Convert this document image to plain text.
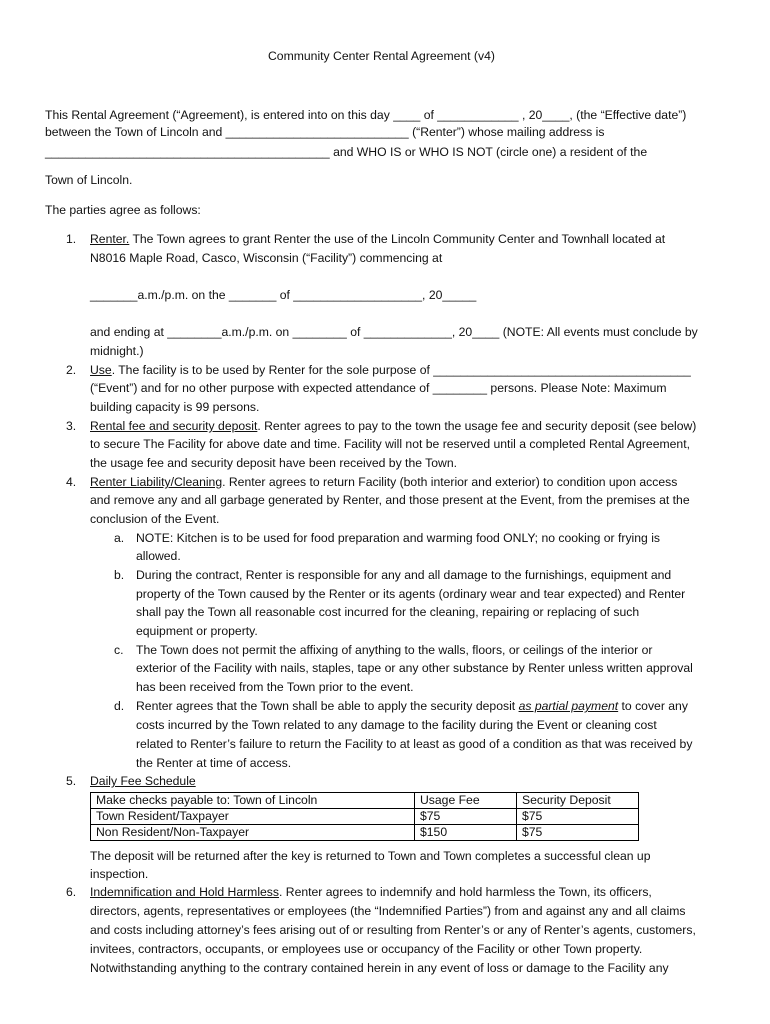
Community Center Rental Agreement (v4)
This Rental Agreement (“Agreement), is entered into on this day ____ of ____________ , 20____, (the “Effective date”)
between the Town of Lincoln and ___________________________ (“Renter”) whose mailing address is
__________________________________________ and WHO IS or WHO IS NOT (circle one) a resident of the
Town of Lincoln.
The parties agree as follows:
1. Renter. The Town agrees to grant Renter the use of the Lincoln Community Center and Townhall located at
N8016 Maple Road, Casco, Wisconsin (“Facility”) commencing at
_______a.m./p.m. on the _______ of ___________________, 20_____
and ending at ________a.m./p.m. on ________ of _____________, 20____ (NOTE: All events must conclude by
midnight.)
2. Use. The facility is to be used by Renter for the sole purpose of ______________________________________
(“Event”) and for no other purpose with expected attendance of ________ persons. Please Note: Maximum
building capacity is 99 persons.
3. Rental fee and security deposit. Renter agrees to pay to the town the usage fee and security deposit (see below)
to secure The Facility for above date and time. Facility will not be reserved until a completed Rental Agreement,
the usage fee and security deposit have been received by the Town.
4. Renter Liability/Cleaning. Renter agrees to return Facility (both interior and exterior) to condition upon access
and remove any and all garbage generated by Renter, and those present at the Event, from the premises at the
conclusion of the Event.
a. NOTE: Kitchen is to be used for food preparation and warming food ONLY; no cooking or frying is
allowed.
b. During the contract, Renter is responsible for any and all damage to the furnishings, equipment and
property of the Town caused by the Renter or its agents (ordinary wear and tear expected) and Renter
shall pay the Town all reasonable cost incurred for the cleaning, repairing or replacing of such
equipment or property.
c. The Town does not permit the affixing of anything to the walls, floors, or ceilings of the interior or
exterior of the Facility with nails, staples, tape or any other substance by Renter unless written approval
has been received from the Town prior to the event.
d. Renter agrees that the Town shall be able to apply the security deposit as partial payment to cover any
costs incurred by the Town related to any damage to the facility during the Event or cleaning cost
related to Renter’s failure to return the Facility to at least as good of a condition as that was received by
the Renter at time of access.
5. Daily Fee Schedule
Make checks payable to: Town of Lincoln	Usage Fee	Security Deposit
Town Resident/Taxpayer	$75	$75
Non Resident/Non-Taxpayer	$150	$75
The deposit will be returned after the key is returned to Town and Town completes a successful clean up
inspection.
6. Indemnification and Hold Harmless. Renter agrees to indemnify and hold harmless the Town, its officers,
directors, agents, representatives or employees (the “Indemnified Parties”) from and against any and all claims
and costs including attorney’s fees arising out of or resulting from Renter’s or any of Renter’s agents, customers,
invitees, contractors, occupants, or employees use or occupancy of the Facility or other Town property.
Notwithstanding anything to the contrary contained herein in any event of loss or damage to the Facility any
